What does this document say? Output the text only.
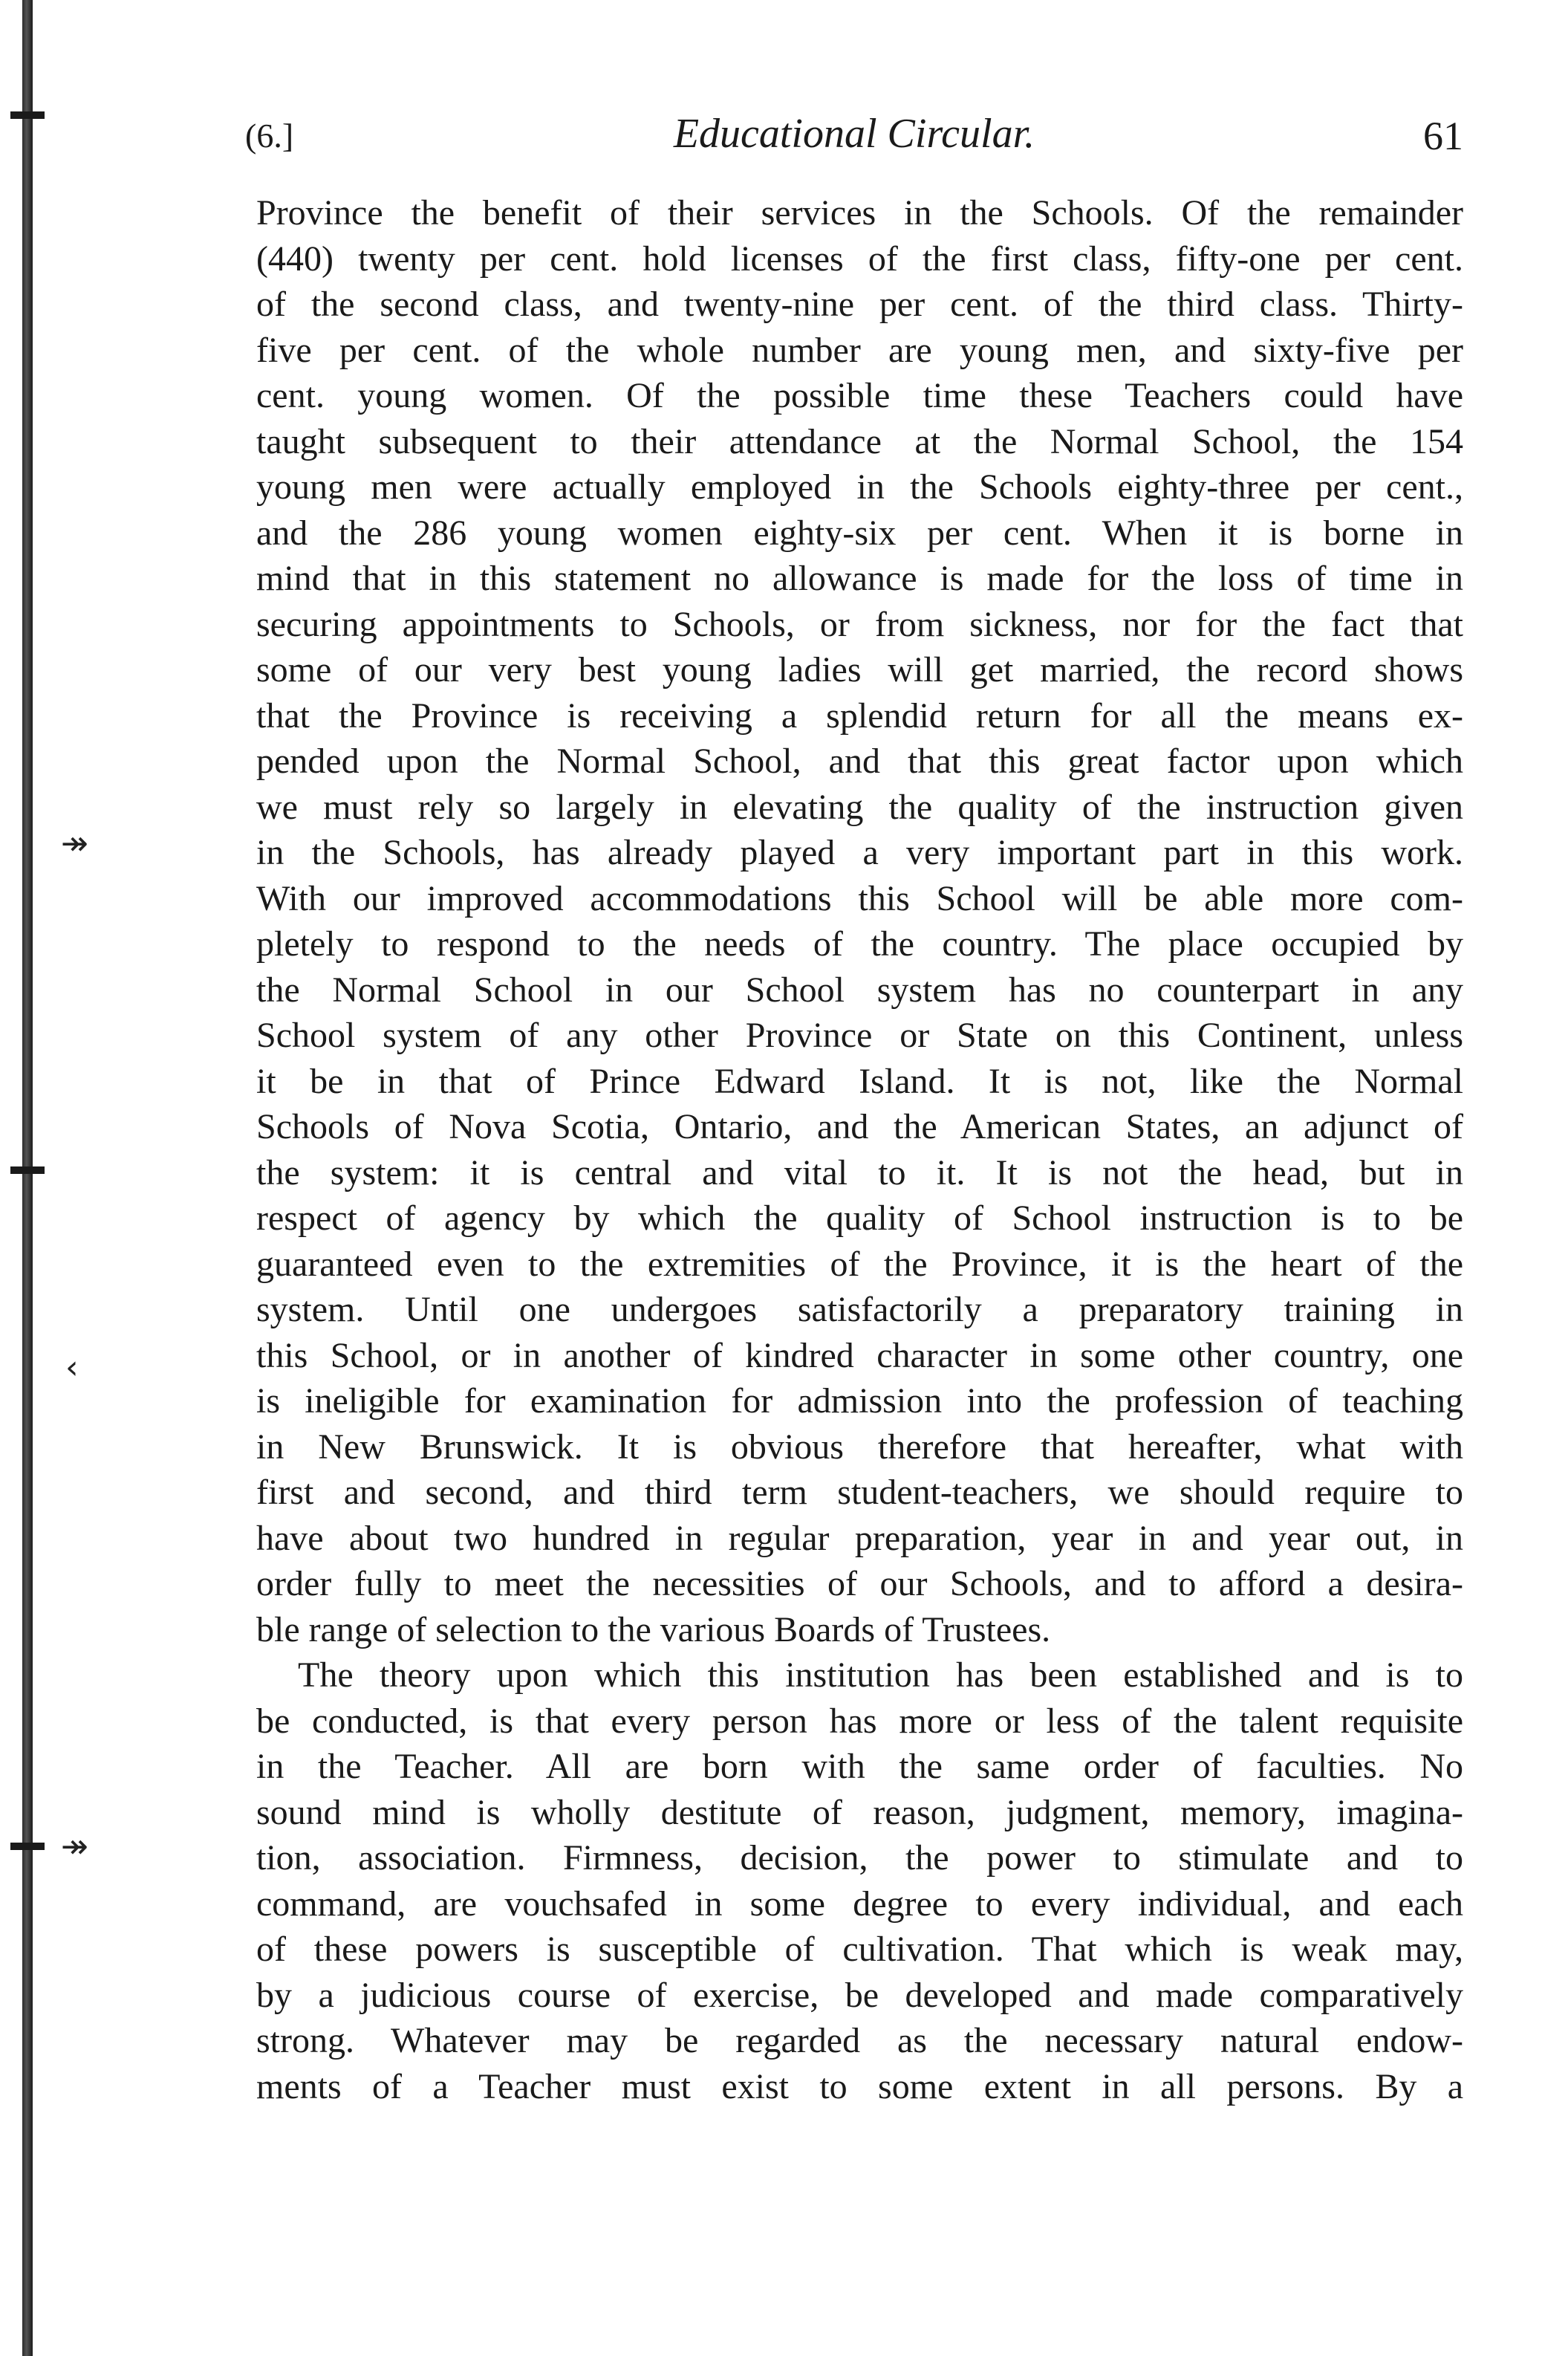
↠
‹
↠
(6.]	Educational Circular.	61
Province the benefit of their services in the Schools. Of the remainder
(440) twenty per cent. hold licenses of the first class, fifty-one per cent.
of the second class, and twenty-nine per cent. of the third class. Thirty-
five per cent. of the whole number are young men, and sixty-five per
cent. young women. Of the possible time these Teachers could have
taught subsequent to their attendance at the Normal School, the 154
young men were actually employed in the Schools eighty-three per cent.,
and the 286 young women eighty-six per cent. When it is borne in
mind that in this statement no allowance is made for the loss of time in
securing appointments to Schools, or from sickness, nor for the fact that
some of our very best young ladies will get married, the record shows
that the Province is receiving a splendid return for all the means ex-
pended upon the Normal School, and that this great factor upon which
we must rely so largely in elevating the quality of the instruction given
in the Schools, has already played a very important part in this work.
With our improved accommodations this School will be able more com-
pletely to respond to the needs of the country. The place occupied by
the Normal School in our School system has no counterpart in any
School system of any other Province or State on this Continent, unless
it be in that of Prince Edward Island. It is not, like the Normal
Schools of Nova Scotia, Ontario, and the American States, an adjunct of
the system: it is central and vital to it. It is not the head, but in
respect of agency by which the quality of School instruction is to be
guaranteed even to the extremities of the Province, it is the heart of the
system. Until one undergoes satisfactorily a preparatory training in
this School, or in another of kindred character in some other country, one
is ineligible for examination for admission into the profession of teaching
in New Brunswick. It is obvious therefore that hereafter, what with
first and second, and third term student-teachers, we should require to
have about two hundred in regular preparation, year in and year out, in
order fully to meet the necessities of our Schools, and to afford a desira-
ble range of selection to the various Boards of Trustees.
The theory upon which this institution has been established and is to
be conducted, is that every person has more or less of the talent requisite
in the Teacher. All are born with the same order of faculties. No
sound mind is wholly destitute of reason, judgment, memory, imagina-
tion, association. Firmness, decision, the power to stimulate and to
command, are vouchsafed in some degree to every individual, and each
of these powers is susceptible of cultivation. That which is weak may,
by a judicious course of exercise, be developed and made comparatively
strong. Whatever may be regarded as the necessary natural endow-
ments of a Teacher must exist to some extent in all persons. By a
